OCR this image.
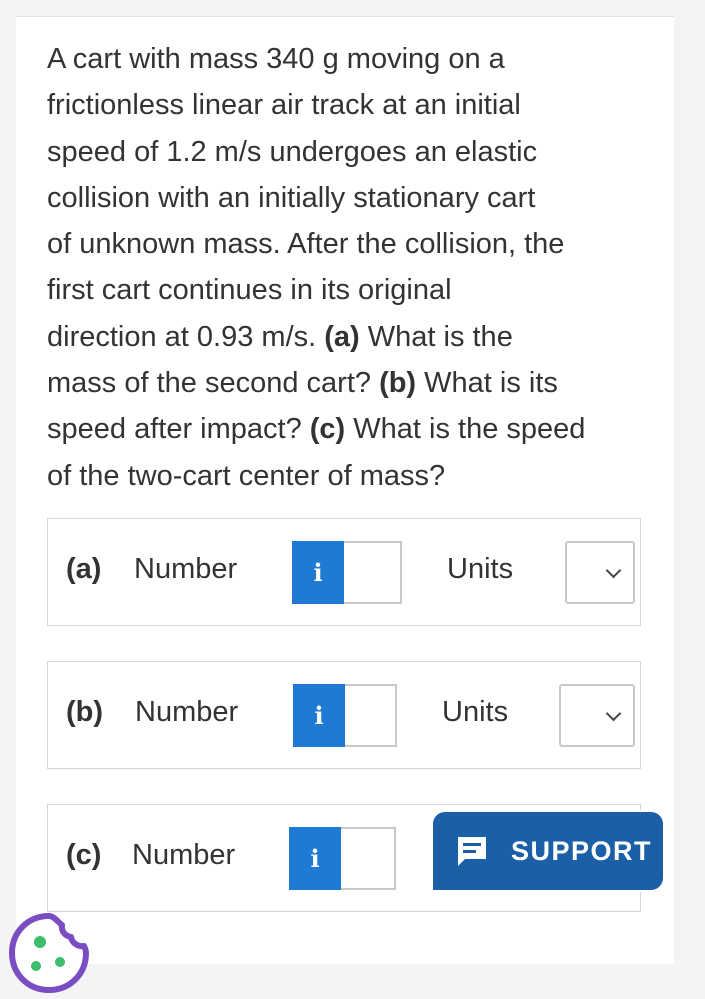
A cart with mass 340 g moving on a
frictionless linear air track at an initial
speed of 1.2 m/s undergoes an elastic
collision with an initially stationary cart
of unknown mass. After the collision, the
first cart continues in its original
direction at 0.93 m/s. (a) What is the
mass of the second cart? (b) What is its
speed after impact? (c) What is the speed
of the two-cart center of mass?

(a) Number	i	Units
(b) Number	i	Units
(c) Number	i	SUPPORT
